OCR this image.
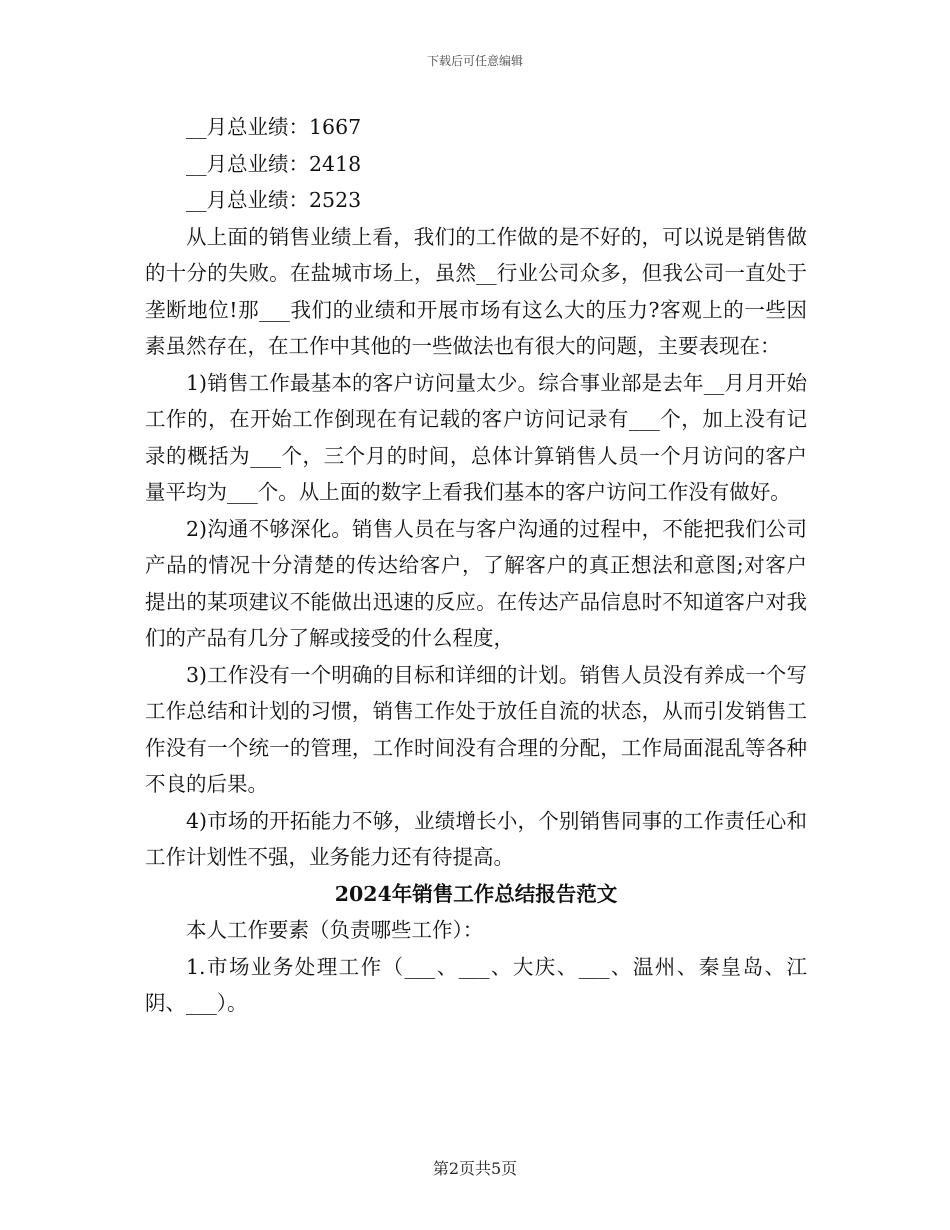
下载后可任意编辑

__月总业绩：1667

__月总业绩：2418

__月总业绩：2523

从上面的销售业绩上看，我们的工作做的是不好的，可以说是销售做的十分的失败。在盐城市场上，虽然__行业公司众多，但我公司一直处于垄断地位!那___我们的业绩和开展市场有这么大的压力?客观上的一些因素虽然存在，在工作中其他的一些做法也有很大的问题，主要表现在：

1)销售工作最基本的客户访问量太少。综合事业部是去年__月月开始工作的，在开始工作倒现在有记载的客户访问记录有___个，加上没有记录的概括为___个，三个月的时间，总体计算销售人员一个月访问的客户量平均为___个。从上面的数字上看我们基本的客户访问工作没有做好。

2)沟通不够深化。销售人员在与客户沟通的过程中，不能把我们公司产品的情况十分清楚的传达给客户，了解客户的真正想法和意图;对客户提出的某项建议不能做出迅速的反应。在传达产品信息时不知道客户对我们的产品有几分了解或接受的什么程度，

3)工作没有一个明确的目标和详细的计划。销售人员没有养成一个写工作总结和计划的习惯，销售工作处于放任自流的状态，从而引发销售工作没有一个统一的管理，工作时间没有合理的分配，工作局面混乱等各种不良的后果。

4)市场的开拓能力不够，业绩增长小，个别销售同事的工作责任心和工作计划性不强，业务能力还有待提高。

2024年销售工作总结报告范文

本人工作要素（负责哪些工作）：

1.市场业务处理工作（___、___、大庆、___、温州、秦皇岛、江阴、___）。

第2页共5页
